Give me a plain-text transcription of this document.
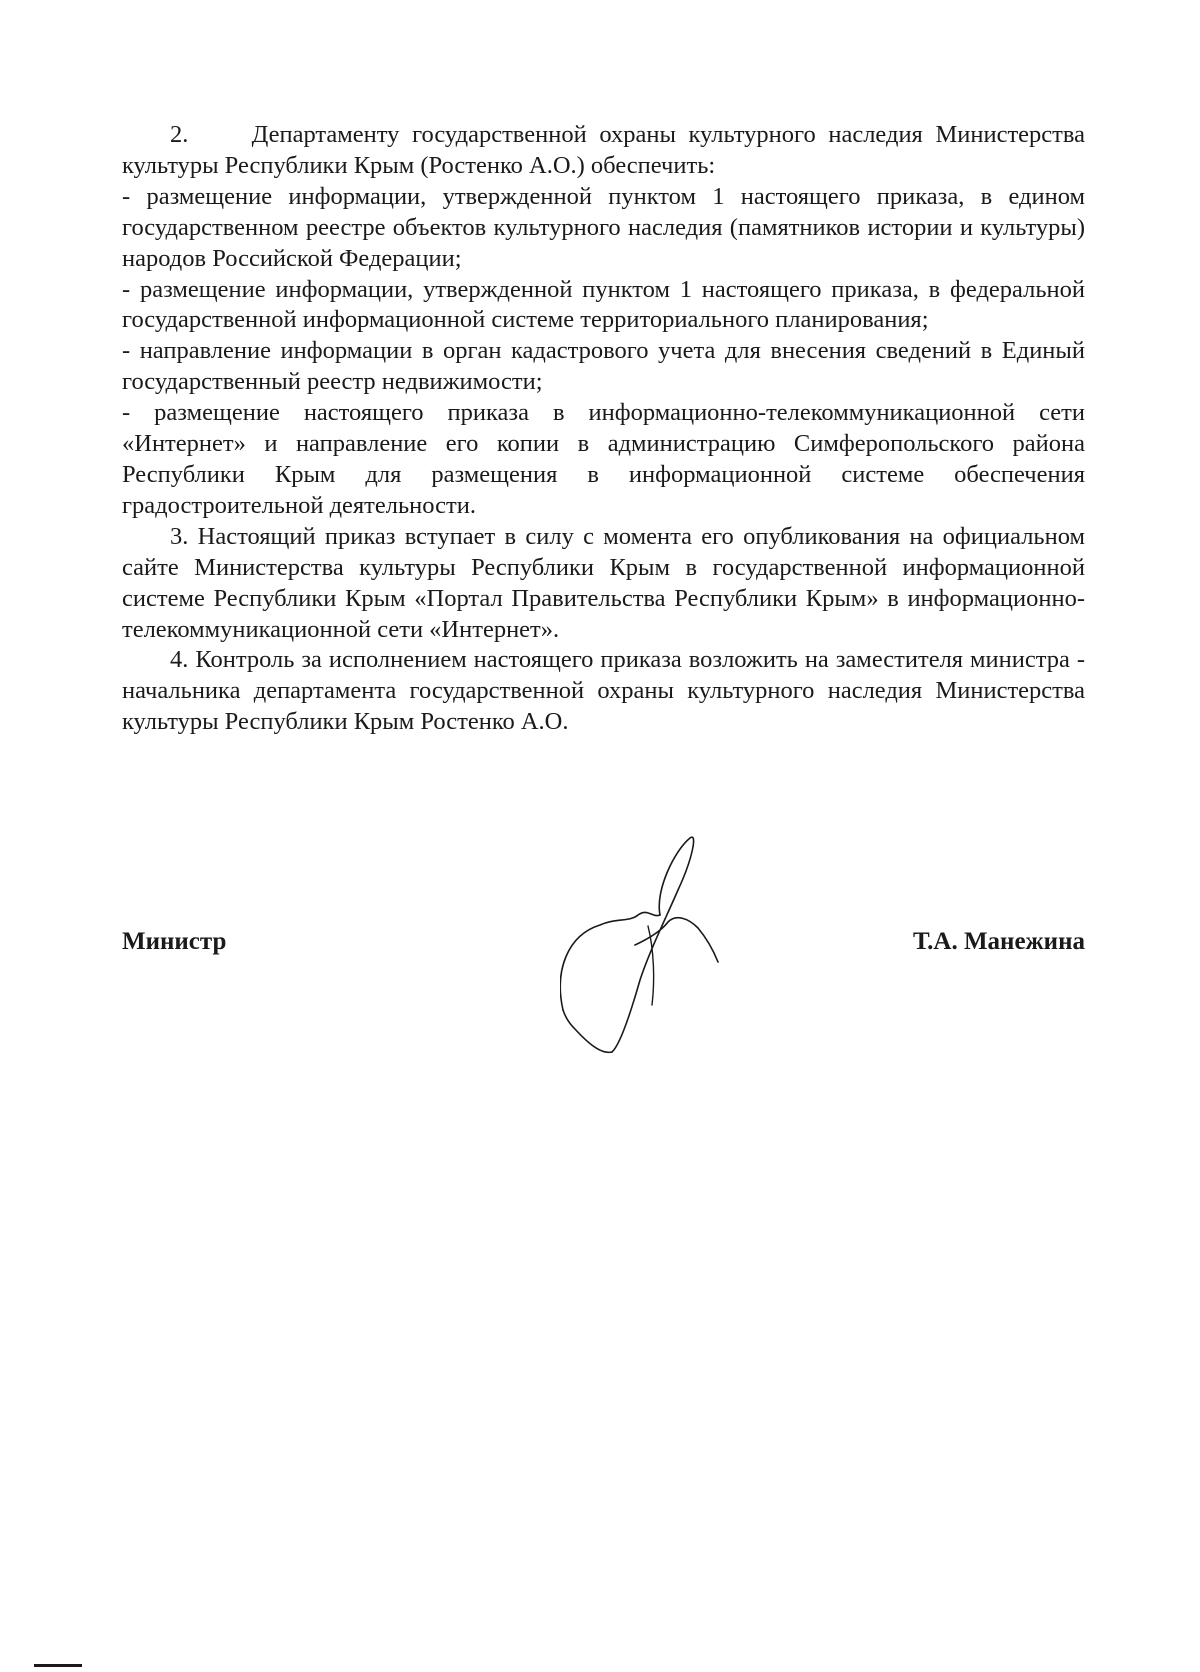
2.     Департаменту государственной охраны культурного наследия Министерства культуры Республики Крым (Ростенко А.О.) обеспечить:

- размещение информации, утвержденной пунктом 1 настоящего приказа, в едином государственном реестре объектов культурного наследия (памятников истории и культуры) народов Российской Федерации;

- размещение информации, утвержденной пунктом 1 настоящего приказа, в федеральной государственной информационной системе территориального планирования;

- направление информации в орган кадастрового учета для внесения сведений в Единый государственный реестр недвижимости;

- размещение настоящего приказа в информационно-телекоммуникационной сети «Интернет» и направление его копии в администрацию Симферопольского района Республики Крым для размещения в информационной системе обеспечения градостроительной деятельности.

3. Настоящий приказ вступает в силу с момента его опубликования на официальном сайте Министерства культуры Республики Крым в государственной информационной системе Республики Крым «Портал Правительства Республики Крым» в информационно-телекоммуникационной сети «Интернет».

4. Контроль за исполнением настоящего приказа возложить на заместителя министра - начальника департамента государственной охраны культурного наследия Министерства культуры Республики Крым Ростенко А.О.

Министр	Т.А. Манежина
